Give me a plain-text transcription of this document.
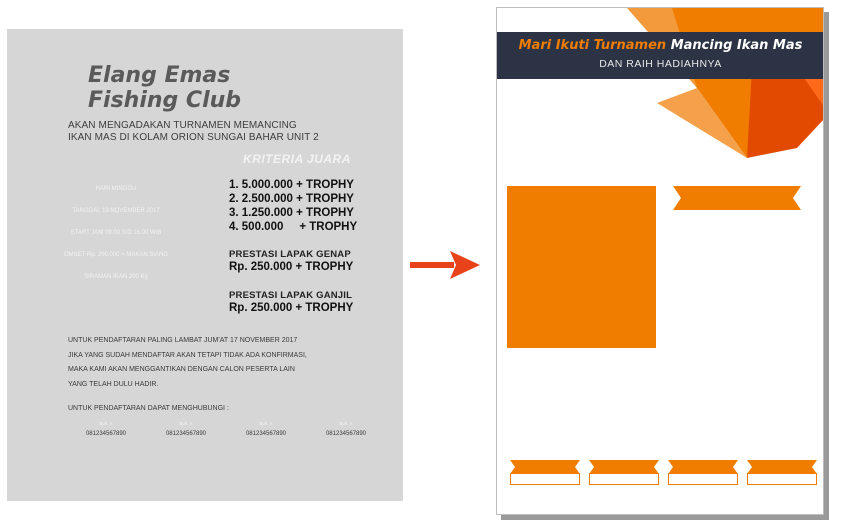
Elang Emas
Fishing Club
AKAN MENGADAKAN TURNAMEN MEMANCING
IKAN MAS DI KOLAM ORION SUNGAI BAHAR UNIT 2
KRITERIA JUARA
HARI MINGGU
TANGGAL 19 NOVEMBER 2017
START JAM 09.00 S/D 16.00 WIB
OMSET Rp. 200.000 + MAKAN SIANG
SIRAMAN IKAN 200 Kg
1. 5.000.000 + TROPHY
2. 2.500.000 + TROPHY
3. 1.250.000 + TROPHY
4. 500.000     + TROPHY
PRESTASI LAPAK GENAP
Rp. 250.000 + TROPHY
PRESTASI LAPAK GANJIL
Rp. 250.000 + TROPHY
UNTUK PENDAFTARAN PALING LAMBAT JUM'AT 17 NOVEMBER 2017
JIKA YANG SUDAH MENDAFTAR AKAN TETAPI TIDAK ADA KONFIRMASI,
MAKA KAMI AKAN MENGGANTIKAN DENGAN CALON PESERTA LAIN
YANG TELAH DULU HADIR.
UNTUK PENDAFTARAN DAPAT MENGHUBUNGI :
Bpk. X
081234567890
Bpk. X
081234567890
Bpk. X
081234567890
Bpk. X
081234567890
Mari Ikuti Turnamen Mancing Ikan Mas
DAN RAIH HADIAHNYA
